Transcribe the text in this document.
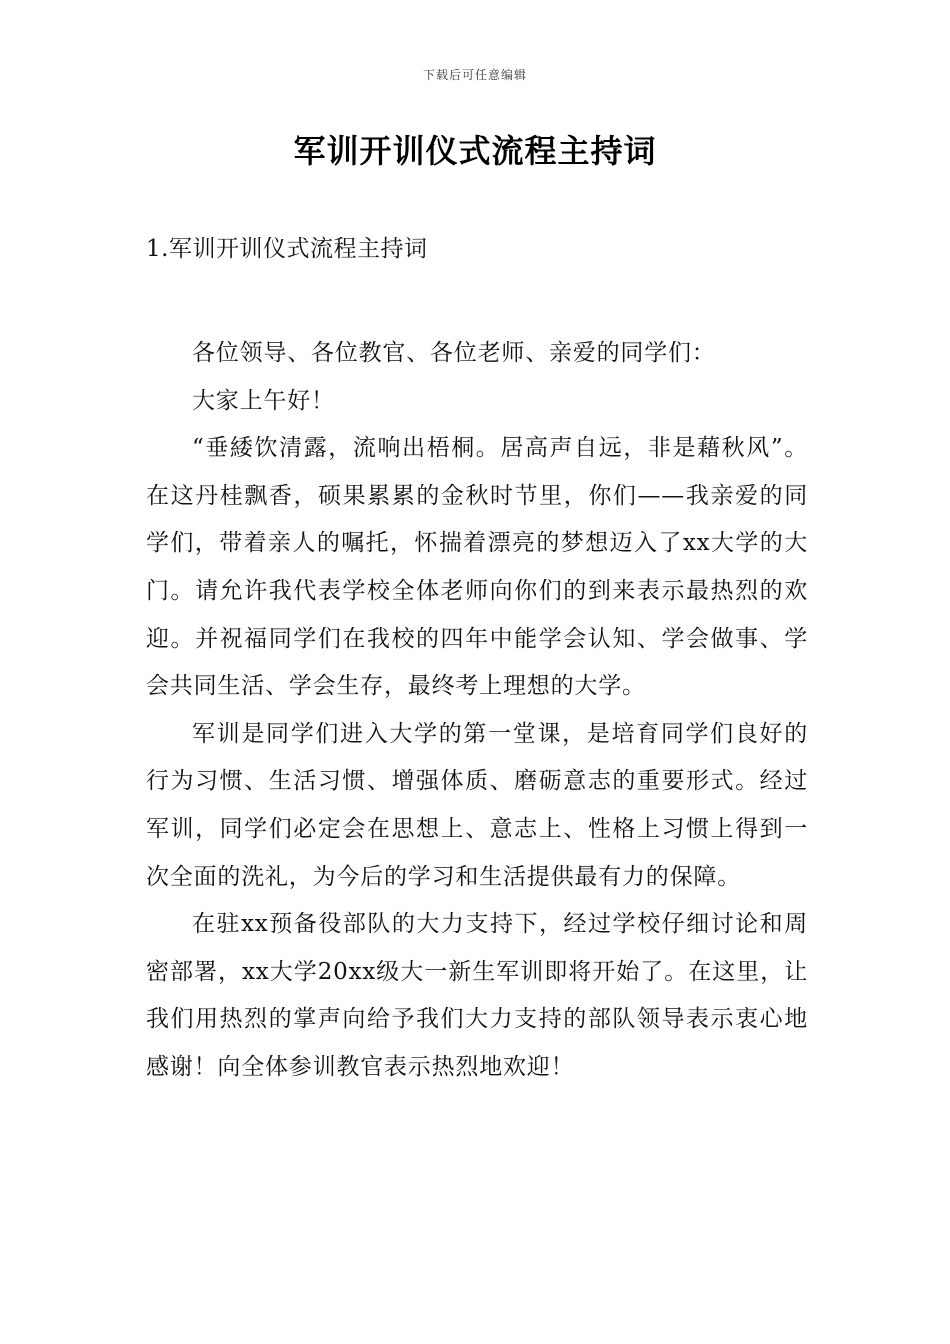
下载后可任意编辑
军训开训仪式流程主持词
1.军训开训仪式流程主持词

各位领导、各位教官、各位老师、亲爱的同学们：

大家上午好！

“垂緌饮清露，流响出梧桐。居高声自远，非是藉秋风”。在这丹桂飘香，硕果累累的金秋时节里，你们——我亲爱的同学们，带着亲人的嘱托，怀揣着漂亮的梦想迈入了xx大学的大门。请允许我代表学校全体老师向你们的到来表示最热烈的欢迎。并祝福同学们在我校的四年中能学会认知、学会做事、学会共同生活、学会生存，最终考上理想的大学。

军训是同学们进入大学的第一堂课，是培育同学们良好的行为习惯、生活习惯、增强体质、磨砺意志的重要形式。经过军训，同学们必定会在思想上、意志上、性格上习惯上得到一次全面的洗礼，为今后的学习和生活提供最有力的保障。

在驻xx预备役部队的大力支持下，经过学校仔细讨论和周密部署，xx大学20xx级大一新生军训即将开始了。在这里，让我们用热烈的掌声向给予我们大力支持的部队领导表示衷心地感谢！向全体参训教官表示热烈地欢迎！
